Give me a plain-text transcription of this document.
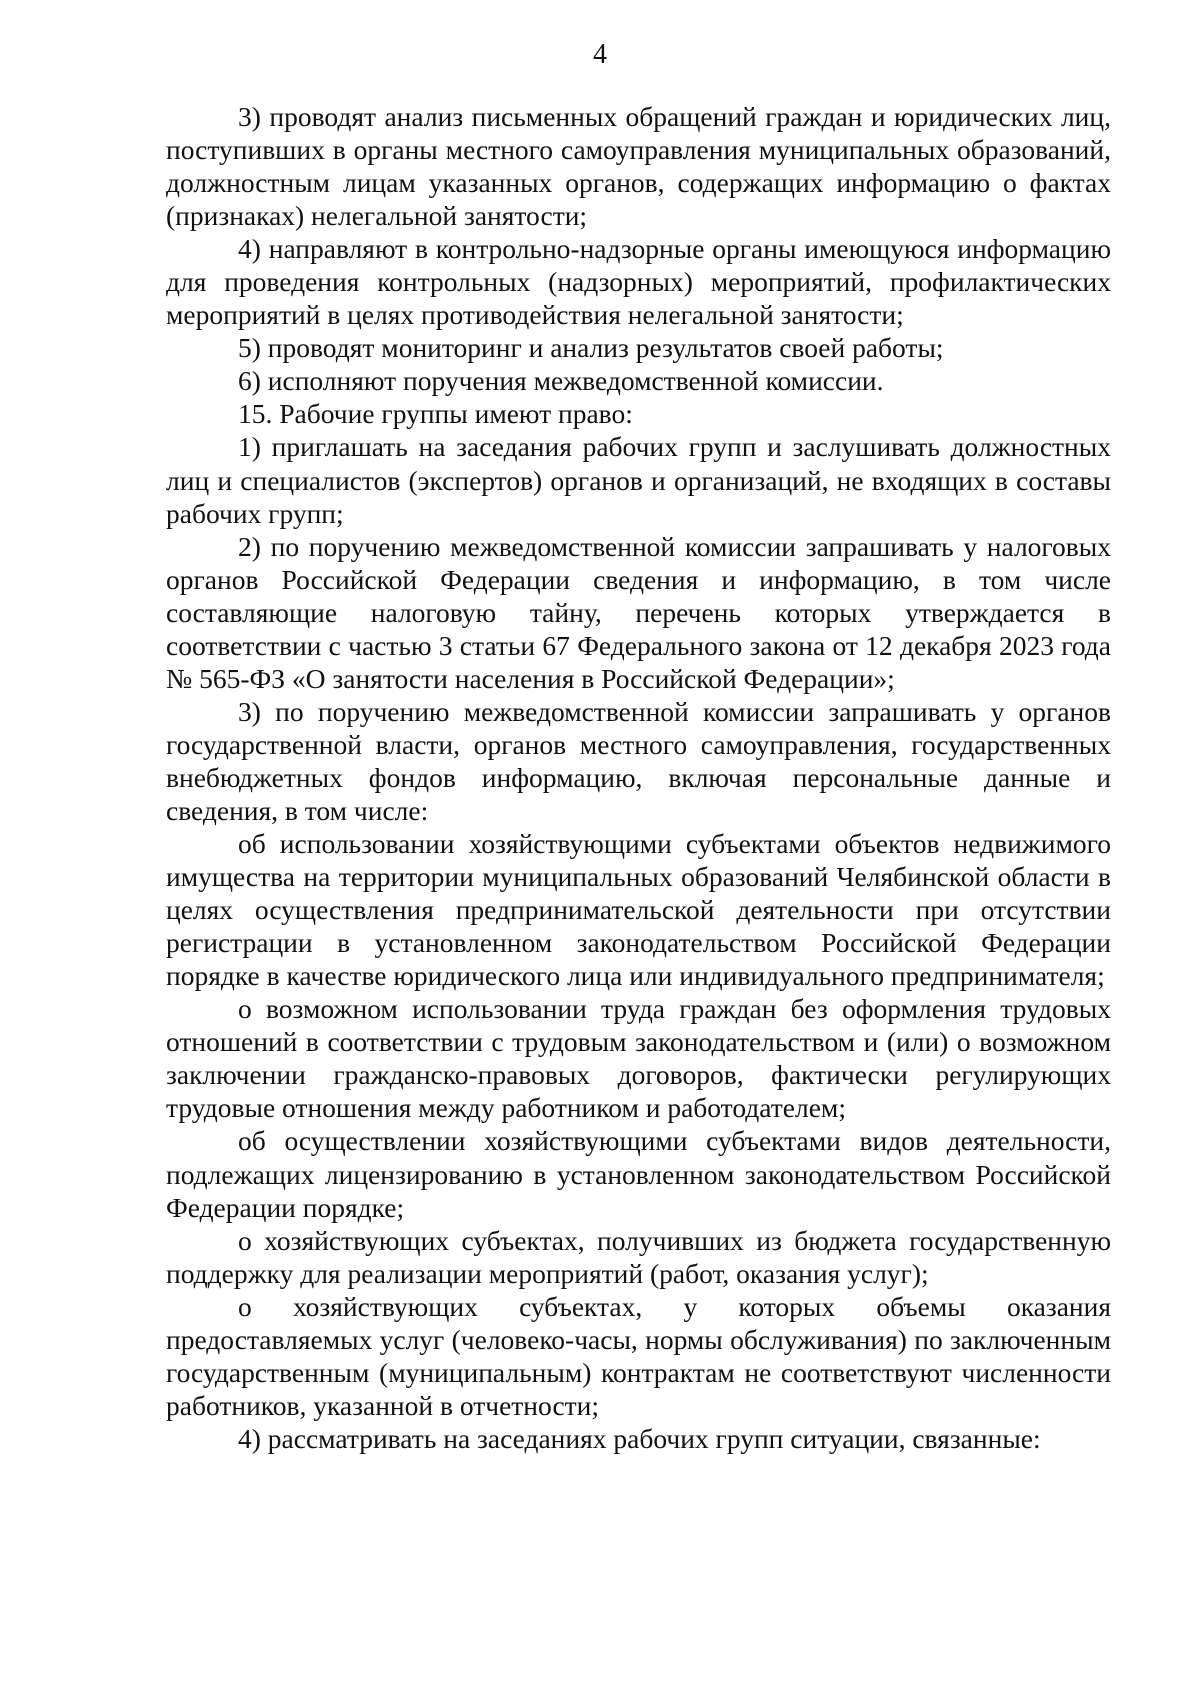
4

3) проводят анализ письменных обращений граждан и юридических лиц, поступивших в органы местного самоуправления муниципальных образований, должностным лицам указанных органов, содержащих информацию о фактах (признаках) нелегальной занятости;

4) направляют в контрольно-надзорные органы имеющуюся информацию для проведения контрольных (надзорных) мероприятий, профилактических мероприятий в целях противодействия нелегальной занятости;

5) проводят мониторинг и анализ результатов своей работы;

6) исполняют поручения межведомственной комиссии.

15. Рабочие группы имеют право:

1) приглашать на заседания рабочих групп и заслушивать должностных лиц и специалистов (экспертов) органов и организаций, не входящих в составы рабочих групп;

2) по поручению межведомственной комиссии запрашивать у налоговых органов Российской Федерации сведения и информацию, в том числе составляющие налоговую тайну, перечень которых утверждается в соответствии с частью 3 статьи 67 Федерального закона от 12 декабря 2023 года № 565-ФЗ «О занятости населения в Российской Федерации»;

3) по поручению межведомственной комиссии запрашивать у органов государственной власти, органов местного самоуправления, государственных внебюджетных фондов информацию, включая персональные данные и сведения, в том числе:

об использовании хозяйствующими субъектами объектов недвижимого имущества на территории муниципальных образований Челябинской области в целях осуществления предпринимательской деятельности при отсутствии регистрации в установленном законодательством Российской Федерации порядке в качестве юридического лица или индивидуального предпринимателя;

о возможном использовании труда граждан без оформления трудовых отношений в соответствии с трудовым законодательством и (или) о возможном заключении гражданско-правовых договоров, фактически регулирующих трудовые отношения между работником и работодателем;

об осуществлении хозяйствующими субъектами видов деятельности, подлежащих лицензированию в установленном законодательством Российской Федерации порядке;

о хозяйствующих субъектах, получивших из бюджета государственную поддержку для реализации мероприятий (работ, оказания услуг);

о хозяйствующих субъектах, у которых объемы оказания предоставляемых услуг (человеко-часы, нормы обслуживания) по заключенным государственным (муниципальным) контрактам не соответствуют численности работников, указанной в отчетности;

4) рассматривать на заседаниях рабочих групп ситуации, связанные:
